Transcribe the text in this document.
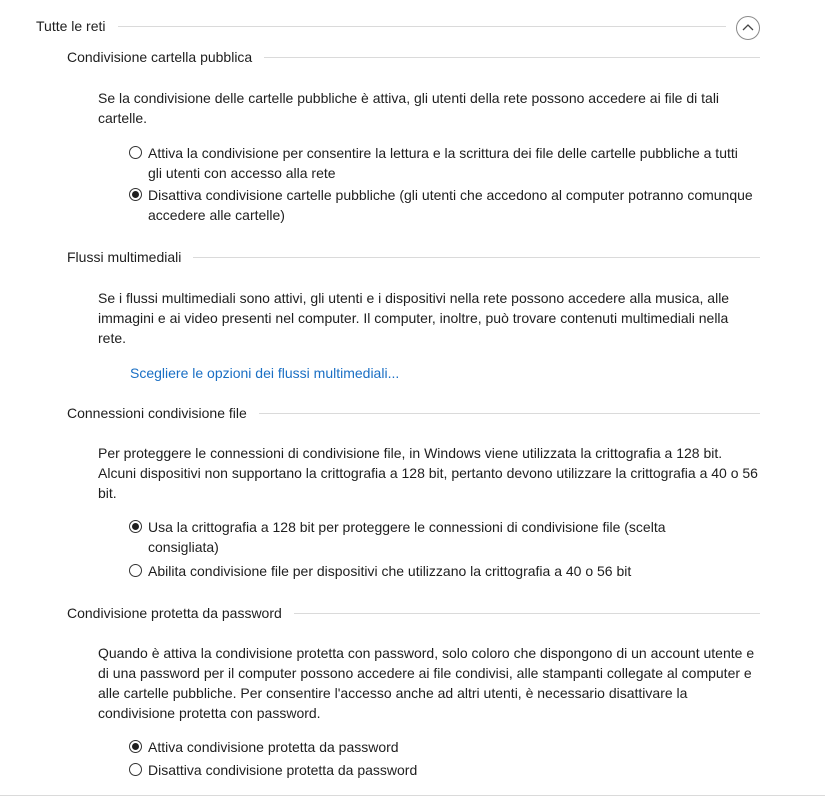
Tutte le reti
Condivisione cartella pubblica
Se la condivisione delle cartelle pubbliche è attiva, gli utenti della rete possono accedere ai file di tali cartelle.
Attiva la condivisione per consentire la lettura e la scrittura dei file delle cartelle pubbliche a tutti gli utenti con accesso alla rete
Disattiva condivisione cartelle pubbliche (gli utenti che accedono al computer potranno comunque accedere alle cartelle)
Flussi multimediali
Se i flussi multimediali sono attivi, gli utenti e i dispositivi nella rete possono accedere alla musica, alle immagini e ai video presenti nel computer. Il computer, inoltre, può trovare contenuti multimediali nella rete.
Scegliere le opzioni dei flussi multimediali...
Connessioni condivisione file
Per proteggere le connessioni di condivisione file, in Windows viene utilizzata la crittografia a 128 bit. Alcuni dispositivi non supportano la crittografia a 128 bit, pertanto devono utilizzare la crittografia a 40 o 56 bit.
Usa la crittografia a 128 bit per proteggere le connessioni di condivisione file (scelta consigliata)
Abilita condivisione file per dispositivi che utilizzano la crittografia a 40 o 56 bit
Condivisione protetta da password
Quando è attiva la condivisione protetta con password, solo coloro che dispongono di un account utente e di una password per il computer possono accedere ai file condivisi, alle stampanti collegate al computer e alle cartelle pubbliche. Per consentire l'accesso anche ad altri utenti, è necessario disattivare la condivisione protetta con password.
Attiva condivisione protetta da password
Disattiva condivisione protetta da password
